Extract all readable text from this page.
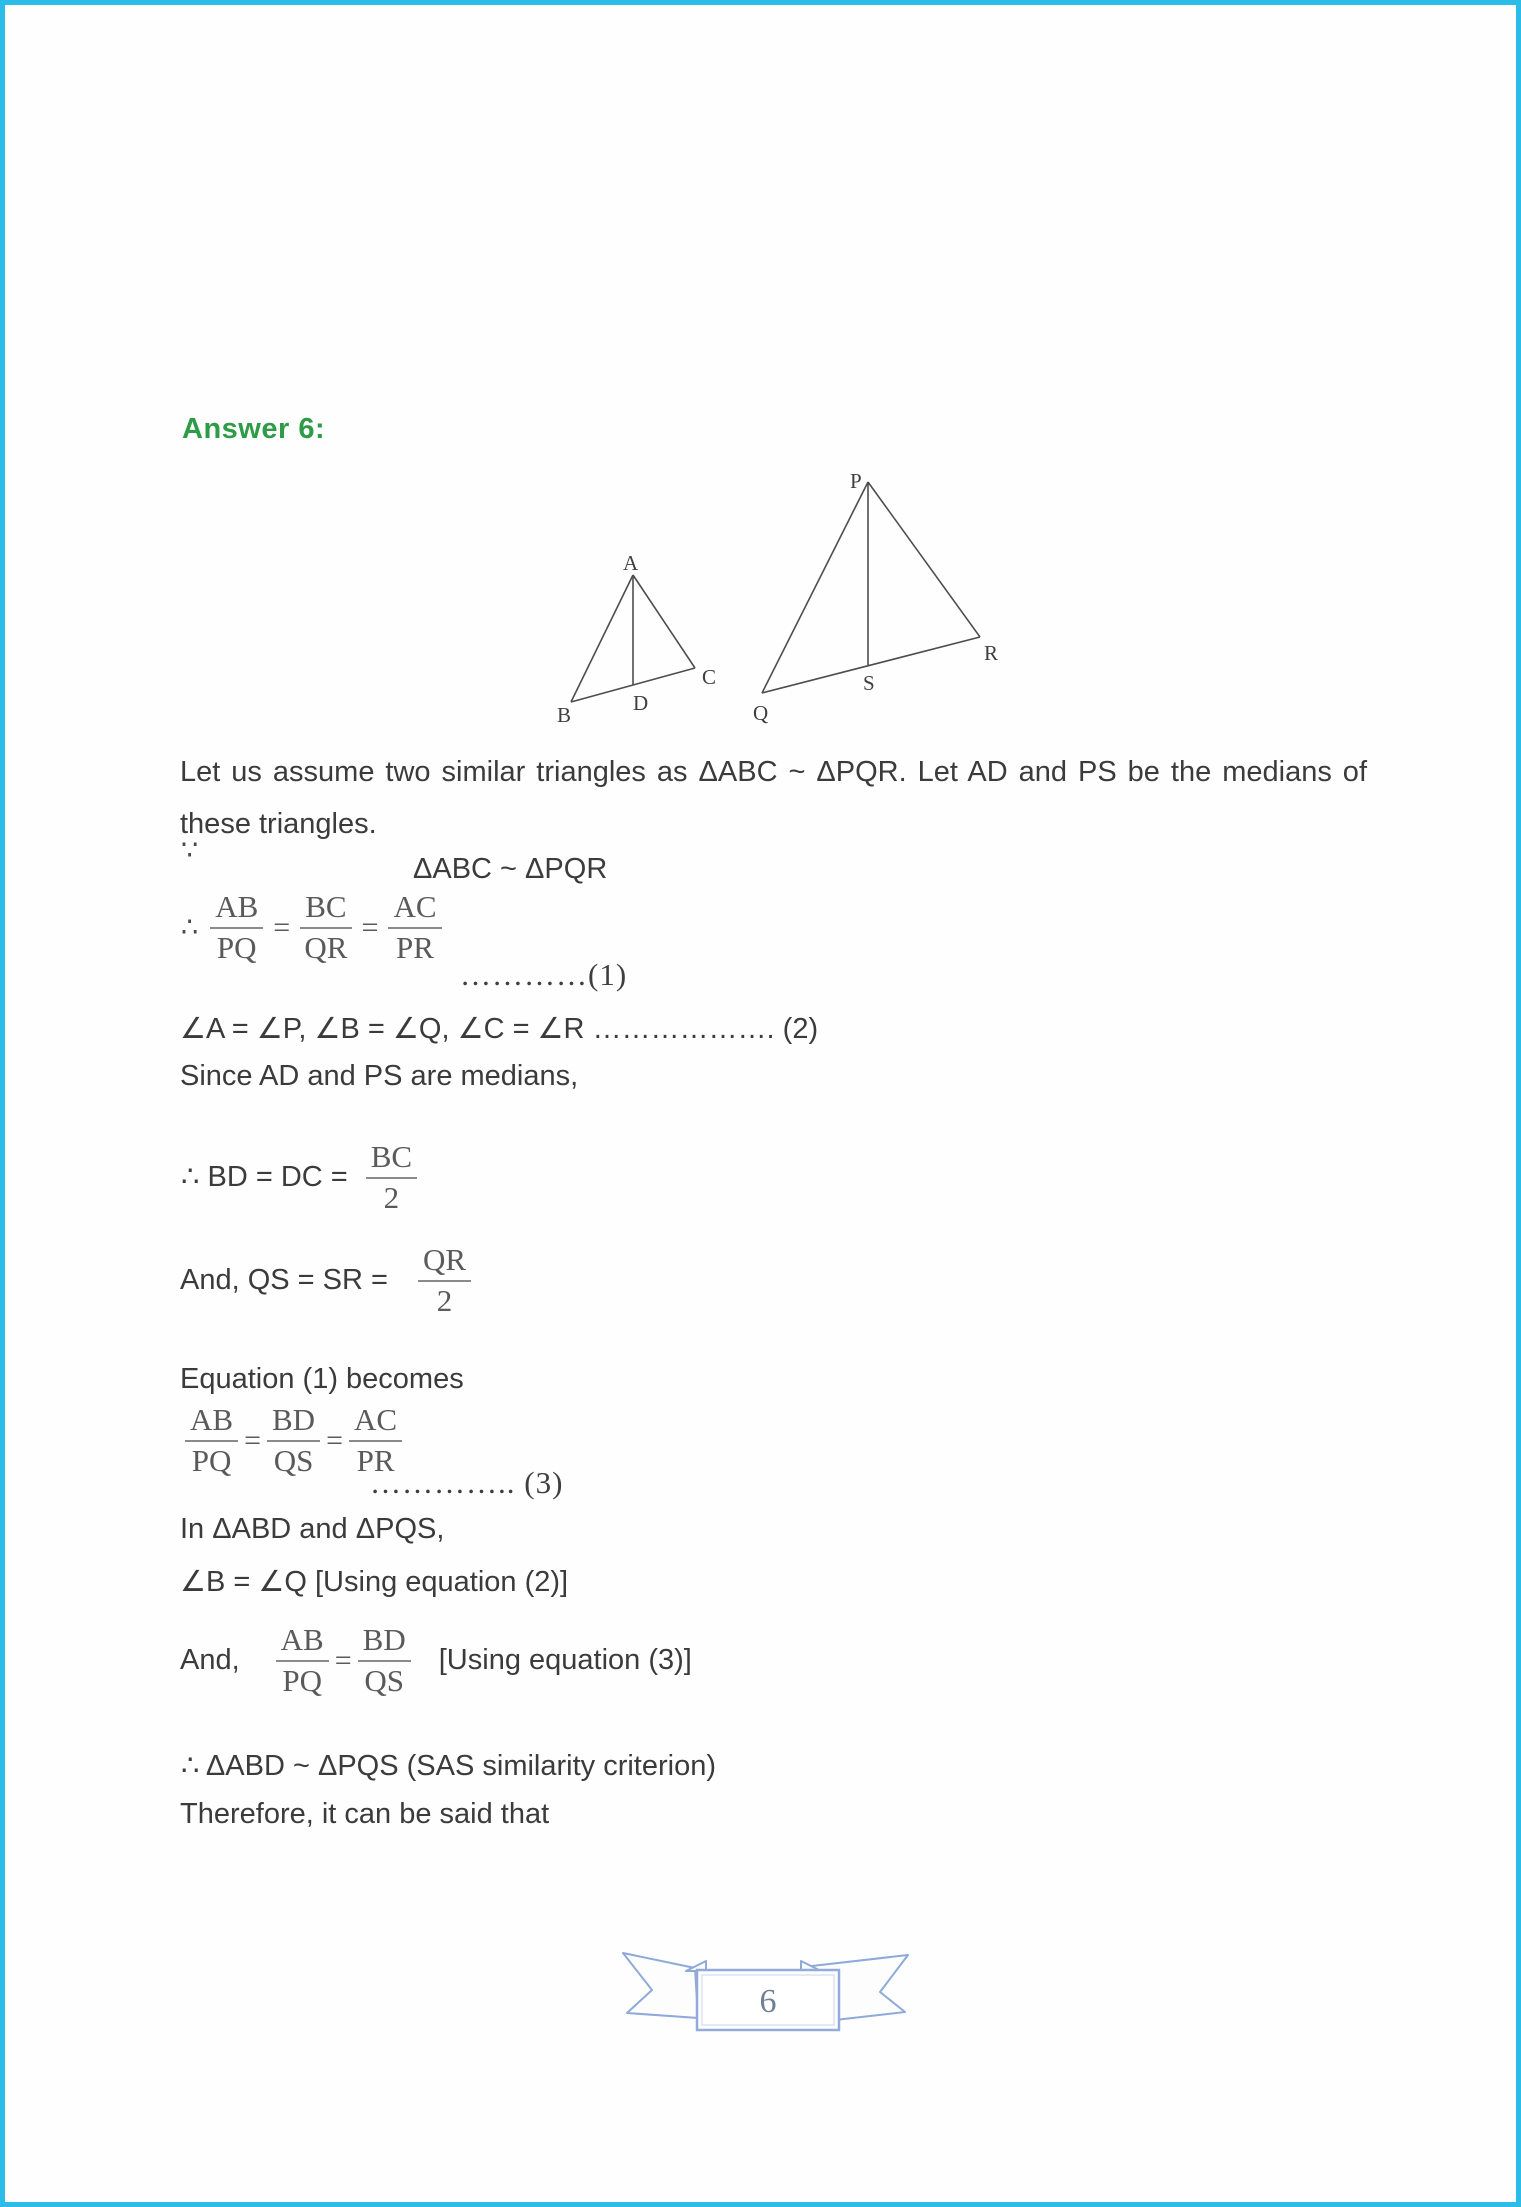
Answer 6:
A
B
C
D
P
Q
R
S
Let us assume two similar triangles as ΔABC ~ ΔPQR. Let AD and PS be the medians of
these triangles.
∵
ΔABC ~ ΔPQR
∴ $\frac{AB}{PQ} = \frac{BC}{QR} = \frac{AC}{PR}$
…………(1)
∠A = ∠P, ∠B = ∠Q, ∠C = ∠R ………………. (2)
Since AD and PS are medians,
∴ BD = DC = $\frac{BC}{2}$
And, QS = SR = $\frac{QR}{2}$
Equation (1) becomes
$\frac{AB}{PQ} = \frac{BD}{QS} = \frac{AC}{PR}$
………….. (3)
In ΔABD and ΔPQS,
∠B = ∠Q [Using equation (2)]
And, $\frac{AB}{PQ} = \frac{BD}{QS} [Using$ equation (3)]
∴ ΔABD ~ ΔPQS (SAS similarity criterion)
Therefore, it can be said that
6
